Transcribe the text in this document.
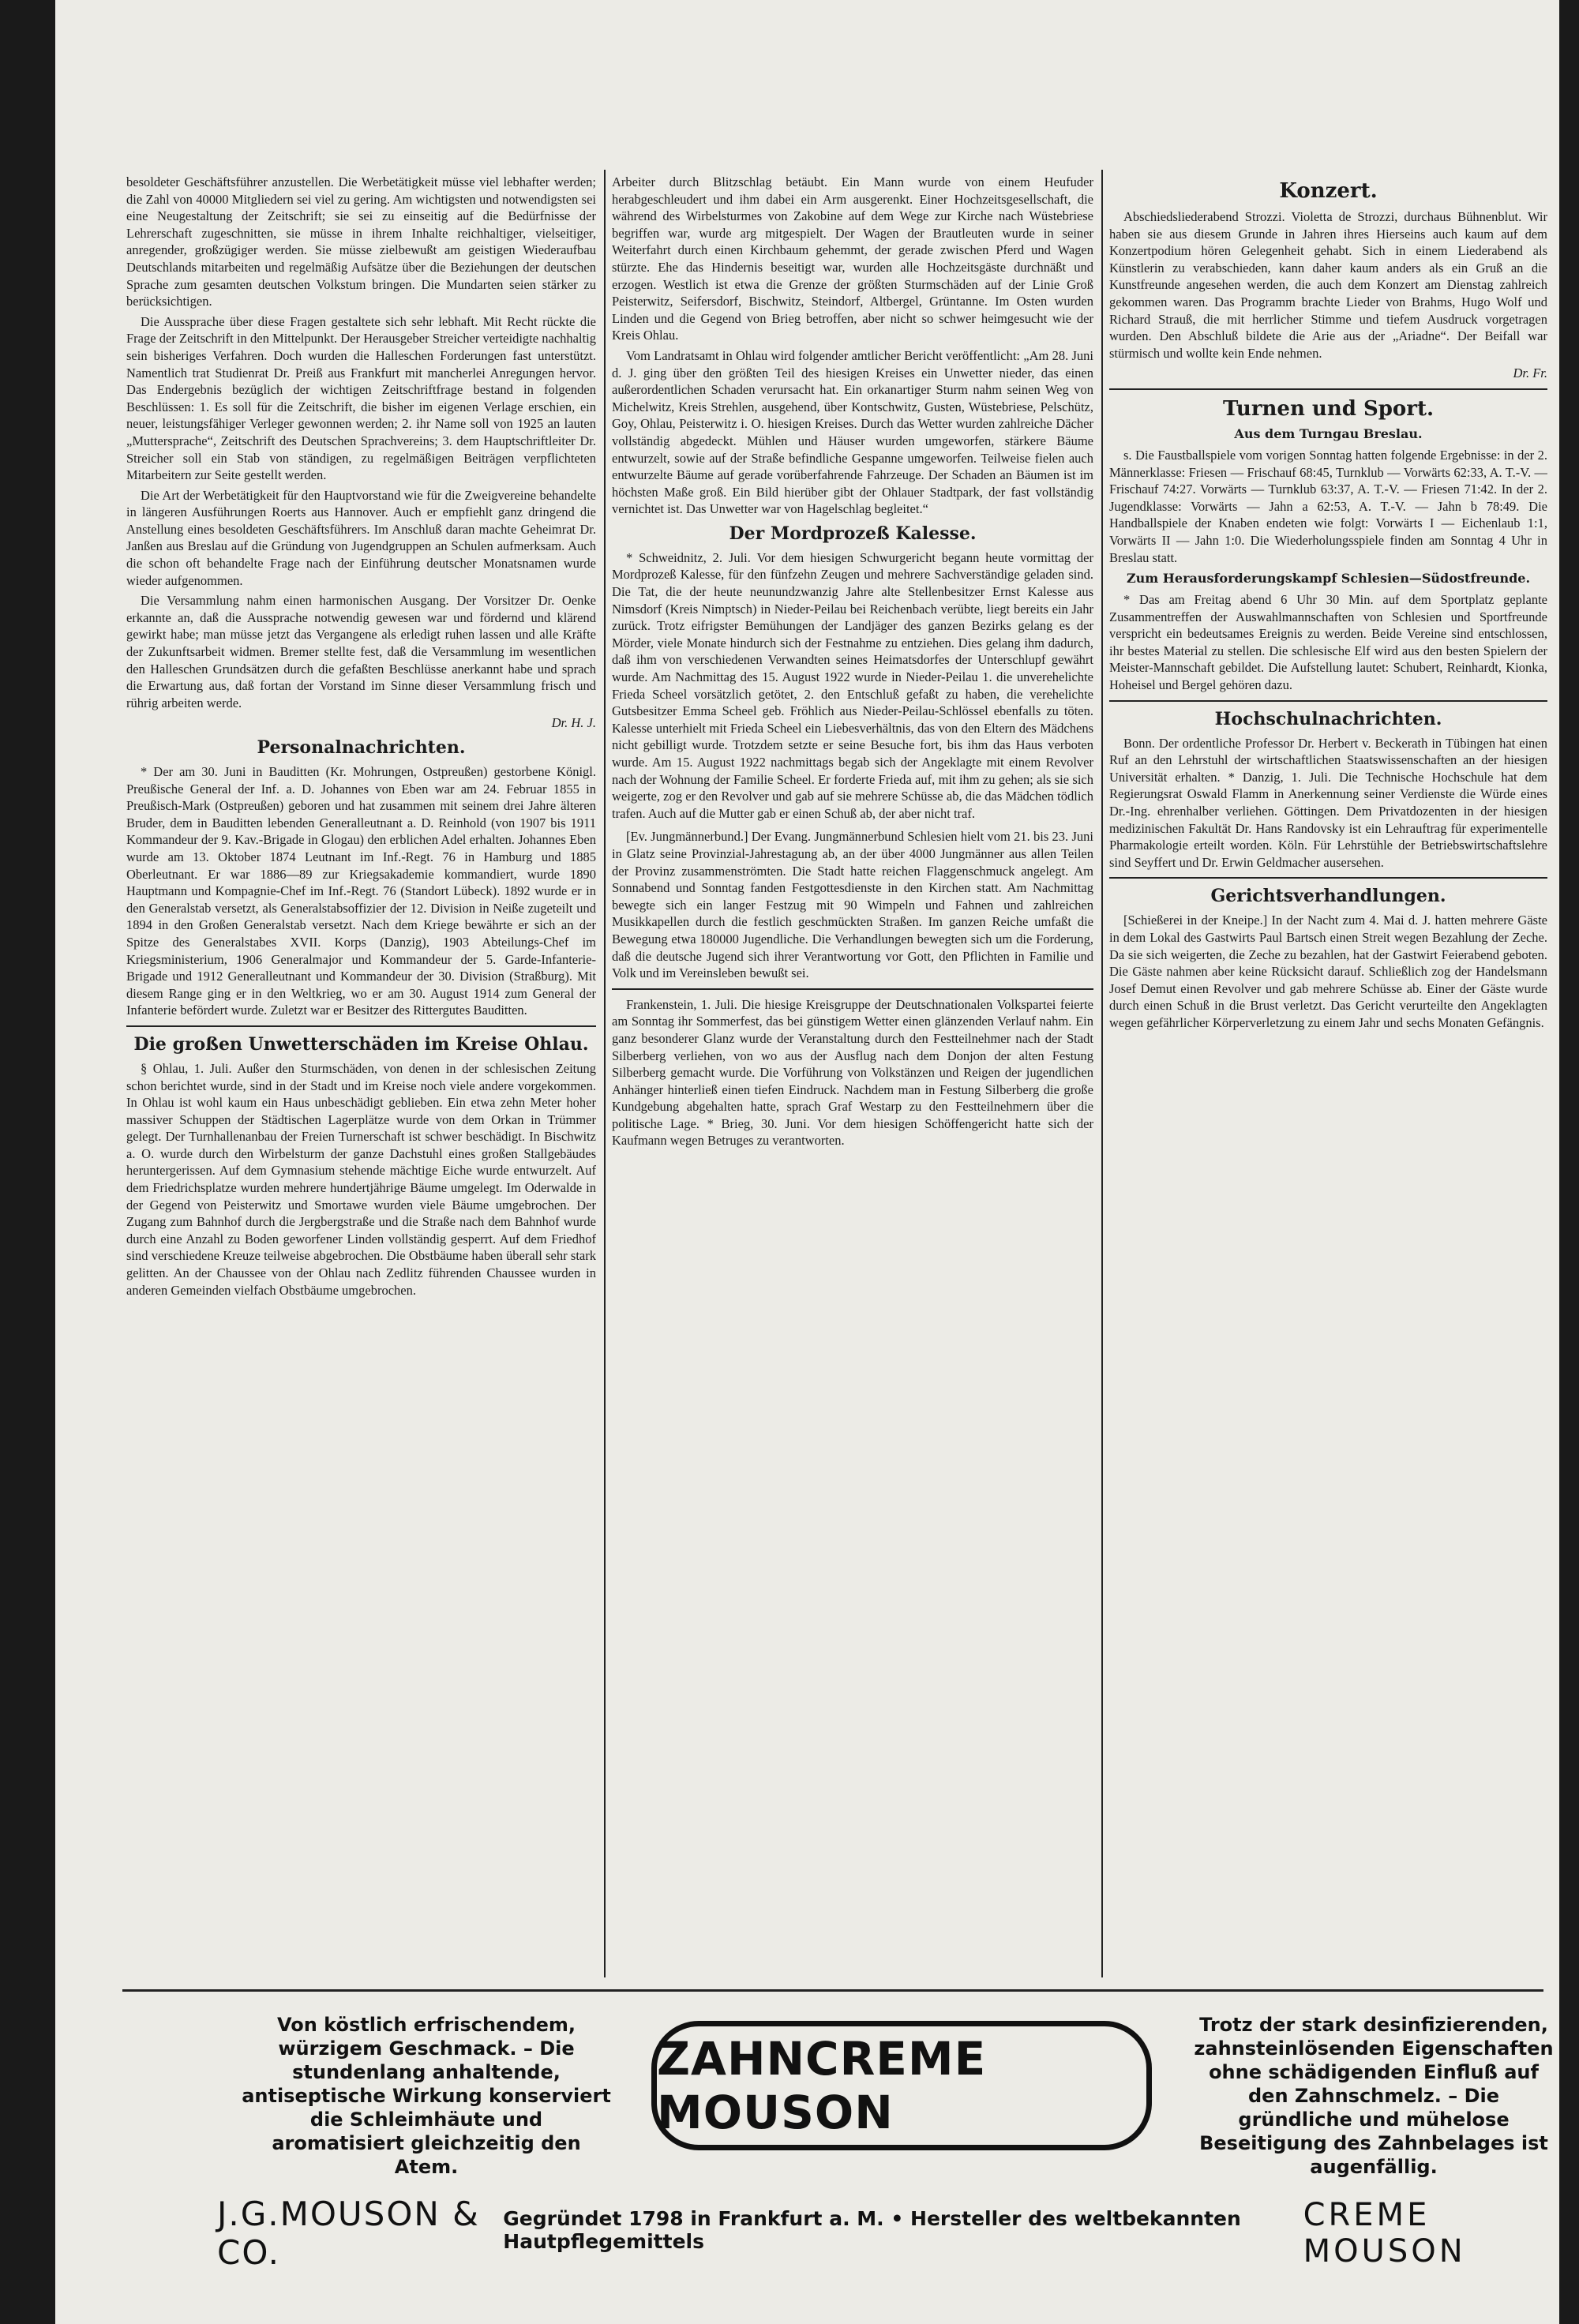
besoldeter Geschäftsführer anzustellen. Die Werbetätigkeit müsse viel lebhafter werden; die Zahl von 40000 Mitgliedern sei viel zu gering. Am wichtigsten und notwendigsten sei eine Neugestaltung der Zeitschrift; sie sei zu einseitig auf die Bedürfnisse der Lehrerschaft zugeschnitten, sie müsse in ihrem Inhalte reichhaltiger, vielseitiger, anregender, großzügiger werden. Sie müsse zielbewußt am geistigen Wiederaufbau Deutschlands mitarbeiten und regelmäßig Aufsätze über die Beziehungen der deutschen Sprache zum gesamten deutschen Volkstum bringen. Die Mundarten seien stärker zu berücksichtigen.

Die Aussprache über diese Fragen gestaltete sich sehr lebhaft. Mit Recht rückte die Frage der Zeitschrift in den Mittelpunkt. Der Herausgeber Streicher verteidigte nachhaltig sein bisheriges Verfahren. Doch wurden die Halleschen Forderungen fast unterstützt. Namentlich trat Studienrat Dr. Preiß aus Frankfurt mit mancherlei Anregungen hervor. Das Endergebnis bezüglich der wichtigen Zeitschriftfrage bestand in folgenden Beschlüssen: 1. Es soll für die Zeitschrift, die bisher im eigenen Verlage erschien, ein neuer, leistungsfähiger Verleger gewonnen werden; 2. ihr Name soll von 1925 an lauten „Muttersprache“, Zeitschrift des Deutschen Sprachvereins; 3. dem Hauptschriftleiter Dr. Streicher soll ein Stab von ständigen, zu regelmäßigen Beiträgen verpflichteten Mitarbeitern zur Seite gestellt werden.

Die Art der Werbetätigkeit für den Hauptvorstand wie für die Zweigvereine behandelte in längeren Ausführungen Roerts aus Hannover. Auch er empfiehlt ganz dringend die Anstellung eines besoldeten Geschäftsführers. Im Anschluß daran machte Geheimrat Dr. Janßen aus Breslau auf die Gründung von Jugendgruppen an Schulen aufmerksam. Auch die schon oft behandelte Frage nach der Einführung deutscher Monatsnamen wurde wieder aufgenommen.

Die Versammlung nahm einen harmonischen Ausgang. Der Vorsitzer Dr. Oenke erkannte an, daß die Aussprache notwendig gewesen war und fördernd und klärend gewirkt habe; man müsse jetzt das Vergangene als erledigt ruhen lassen und alle Kräfte der Zukunftsarbeit widmen. Bremer stellte fest, daß die Versammlung im wesentlichen den Halleschen Grundsätzen durch die gefaßten Beschlüsse anerkannt habe und sprach die Erwartung aus, daß fortan der Vorstand im Sinne dieser Versammlung frisch und rührig arbeiten werde.

Dr. H. J.

Personalnachrichten.

* Der am 30. Juni in Bauditten (Kr. Mohrungen, Ostpreußen) gestorbene Königl. Preußische General der Inf. a. D. Johannes von Eben war am 24. Februar 1855 in Preußisch-Mark (Ostpreußen) geboren und hat zusammen mit seinem drei Jahre älteren Bruder, dem in Bauditten lebenden Generalleutnant a. D. Reinhold (von 1907 bis 1911 Kommandeur der 9. Kav.-Brigade in Glogau) den erblichen Adel erhalten. Johannes Eben wurde am 13. Oktober 1874 Leutnant im Inf.-Regt. 76 in Hamburg und 1885 Oberleutnant. Er war 1886—89 zur Kriegsakademie kommandiert, wurde 1890 Hauptmann und Kompagnie-Chef im Inf.-Regt. 76 (Standort Lübeck). 1892 wurde er in den Generalstab versetzt, als Generalstabsoffizier der 12. Division in Neiße zugeteilt und 1894 in den Großen Generalstab versetzt. Nach dem Kriege bewährte er sich an der Spitze des Generalstabes XVII. Korps (Danzig), 1903 Abteilungs-Chef im Kriegsministerium, 1906 Generalmajor und Kommandeur der 5. Garde-Infanterie-Brigade und 1912 Generalleutnant und Kommandeur der 30. Division (Straßburg). Mit diesem Range ging er in den Weltkrieg, wo er am 30. August 1914 zum General der Infanterie befördert wurde. Zuletzt war er Besitzer des Rittergutes Bauditten.

Die großen Unwetterschäden im Kreise Ohlau.

§ Ohlau, 1. Juli. Außer den Sturmschäden, von denen in der schlesischen Zeitung schon berichtet wurde, sind in der Stadt und im Kreise noch viele andere vorgekommen. In Ohlau ist wohl kaum ein Haus unbeschädigt geblieben. Ein etwa zehn Meter hoher massiver Schuppen der Städtischen Lagerplätze wurde von dem Orkan in Trümmer gelegt. Der Turnhallenanbau der Freien Turnerschaft ist schwer beschädigt. In Bischwitz a. O. wurde durch den Wirbelsturm der ganze Dachstuhl eines großen Stallgebäudes heruntergerissen. Auf dem Gymnasium stehende mächtige Eiche wurde entwurzelt. Auf dem Friedrichsplatze wurden mehrere hundertjährige Bäume umgelegt. Im Oderwalde in der Gegend von Peisterwitz und Smortawe wurden viele Bäume umgebrochen. Der Zugang zum Bahnhof durch die Jergbergstraße und die Straße nach dem Bahnhof wurde durch eine Anzahl zu Boden geworfener Linden vollständig gesperrt. Auf dem Friedhof sind verschiedene Kreuze teilweise abgebrochen. Die Obstbäume haben überall sehr stark gelitten. An der Chaussee von der Ohlau nach Zedlitz führenden Chaussee wurden in anderen Gemeinden vielfach Obstbäume umgebrochen.

Arbeiter durch Blitzschlag betäubt. Ein Mann wurde von einem Heufuder herabgeschleudert und ihm dabei ein Arm ausgerenkt. Einer Hochzeitsgesellschaft, die während des Wirbelsturmes von Zakobine auf dem Wege zur Kirche nach Wüstebriese begriffen war, wurde arg mitgespielt. Der Wagen der Brautleuten wurde in seiner Weiterfahrt durch einen Kirchbaum gehemmt, der gerade zwischen Pferd und Wagen stürzte. Ehe das Hindernis beseitigt war, wurden alle Hochzeitsgäste durchnäßt und erzogen. Westlich ist etwa die Grenze der größten Sturmschäden auf der Linie Groß Peisterwitz, Seifersdorf, Bischwitz, Steindorf, Altbergel, Grüntanne. Im Osten wurden Linden und die Gegend von Brieg betroffen, aber nicht so schwer heimgesucht wie der Kreis Ohlau.

Vom Landratsamt in Ohlau wird folgender amtlicher Bericht veröffentlicht: „Am 28. Juni d. J. ging über den größten Teil des hiesigen Kreises ein Unwetter nieder, das einen außerordentlichen Schaden verursacht hat. Ein orkanartiger Sturm nahm seinen Weg von Michelwitz, Kreis Strehlen, ausgehend, über Kontschwitz, Gusten, Wüstebriese, Pelschütz, Goy, Ohlau, Peisterwitz i. O. hiesigen Kreises. Durch das Wetter wurden zahlreiche Dächer vollständig abgedeckt. Mühlen und Häuser wurden umgeworfen, stärkere Bäume entwurzelt, sowie auf der Straße befindliche Gespanne umgeworfen. Teilweise fielen auch entwurzelte Bäume auf gerade vorüberfahrende Fahrzeuge. Der Schaden an Bäumen ist im höchsten Maße groß. Ein Bild hierüber gibt der Ohlauer Stadtpark, der fast vollständig vernichtet ist. Das Unwetter war von Hagelschlag begleitet.“

Der Mordprozeß Kalesse.

* Schweidnitz, 2. Juli. Vor dem hiesigen Schwurgericht begann heute vormittag der Mordprozeß Kalesse, für den fünfzehn Zeugen und mehrere Sachverständige geladen sind. Die Tat, die der heute neunundzwanzig Jahre alte Stellenbesitzer Ernst Kalesse aus Nimsdorf (Kreis Nimptsch) in Nieder-Peilau bei Reichenbach verübte, liegt bereits ein Jahr zurück. Trotz eifrigster Bemühungen der Landjäger des ganzen Bezirks gelang es der Mörder, viele Monate hindurch sich der Festnahme zu entziehen. Dies gelang ihm dadurch, daß ihm von verschiedenen Verwandten seines Heimatsdorfes der Unterschlupf gewährt wurde. Am Nachmittag des 15. August 1922 wurde in Nieder-Peilau 1. die unverehelichte Frieda Scheel vorsätzlich getötet, 2. den Entschluß gefaßt zu haben, die verehelichte Gutsbesitzer Emma Scheel geb. Fröhlich aus Nieder-Peilau-Schlössel ebenfalls zu töten. Kalesse unterhielt mit Frieda Scheel ein Liebesverhältnis, das von den Eltern des Mädchens nicht gebilligt wurde. Trotzdem setzte er seine Besuche fort, bis ihm das Haus verboten wurde. Am 15. August 1922 nachmittags begab sich der Angeklagte mit einem Revolver nach der Wohnung der Familie Scheel. Er forderte Frieda auf, mit ihm zu gehen; als sie sich weigerte, zog er den Revolver und gab auf sie mehrere Schüsse ab, die das Mädchen tödlich trafen. Auch auf die Mutter gab er einen Schuß ab, der aber nicht traf.

[Ev. Jungmännerbund.] Der Evang. Jungmännerbund Schlesien hielt vom 21. bis 23. Juni in Glatz seine Provinzial-Jahrestagung ab, an der über 4000 Jungmänner aus allen Teilen der Provinz zusammenströmten. Die Stadt hatte reichen Flaggenschmuck angelegt. Am Sonnabend und Sonntag fanden Festgottesdienste in den Kirchen statt. Am Nachmittag bewegte sich ein langer Festzug mit 90 Wimpeln und Fahnen und zahlreichen Musikkapellen durch die festlich geschmückten Straßen. Im ganzen Reiche umfaßt die Bewegung etwa 180000 Jugendliche. Die Verhandlungen bewegten sich um die Forderung, daß die deutsche Jugend sich ihrer Verantwortung vor Gott, den Pflichten in Familie und Volk und im Vereinsleben bewußt sei.

Frankenstein, 1. Juli. Die hiesige Kreisgruppe der Deutschnationalen Volkspartei feierte am Sonntag ihr Sommerfest, das bei günstigem Wetter einen glänzenden Verlauf nahm. Ein ganz besonderer Glanz wurde der Veranstaltung durch den Festteilnehmer nach der Stadt Silberberg verliehen, von wo aus der Ausflug nach dem Donjon der alten Festung Silberberg gemacht wurde. Die Vorführung von Volkstänzen und Reigen der jugendlichen Anhänger hinterließ einen tiefen Eindruck. Nachdem man in Festung Silberberg die große Kundgebung abgehalten hatte, sprach Graf Westarp zu den Festteilnehmern über die politische Lage. * Brieg, 30. Juni. Vor dem hiesigen Schöffengericht hatte sich der Kaufmann wegen Betruges zu verantworten.

Konzert.

Abschiedsliederabend Strozzi. Violetta de Strozzi, durchaus Bühnenblut. Wir haben sie aus diesem Grunde in Jahren ihres Hierseins auch kaum auf dem Konzertpodium hören Gelegenheit gehabt. Sich in einem Liederabend als Künstlerin zu verabschieden, kann daher kaum anders als ein Gruß an die Kunstfreunde angesehen werden, die auch dem Konzert am Dienstag zahlreich gekommen waren. Das Programm brachte Lieder von Brahms, Hugo Wolf und Richard Strauß, die mit herrlicher Stimme und tiefem Ausdruck vorgetragen wurden. Den Abschluß bildete die Arie aus der „Ariadne“. Der Beifall war stürmisch und wollte kein Ende nehmen.

Dr. Fr.

Turnen und Sport.
Aus dem Turngau Breslau.

s. Die Faustballspiele vom vorigen Sonntag hatten folgende Ergebnisse: in der 2. Männerklasse: Friesen — Frischauf 68:45, Turnklub — Vorwärts 62:33, A. T.-V. — Frischauf 74:27. Vorwärts — Turnklub 63:37, A. T.-V. — Friesen 71:42. In der 2. Jugendklasse: Vorwärts — Jahn a 62:53, A. T.-V. — Jahn b 78:49. Die Handballspiele der Knaben endeten wie folgt: Vorwärts I — Eichenlaub 1:1, Vorwärts II — Jahn 1:0. Die Wiederholungsspiele finden am Sonntag 4 Uhr in Breslau statt.

Zum Herausforderungskampf Schlesien—Südostfreunde.

* Das am Freitag abend 6 Uhr 30 Min. auf dem Sportplatz geplante Zusammentreffen der Auswahlmannschaften von Schlesien und Sportfreunde verspricht ein bedeutsames Ereignis zu werden. Beide Vereine sind entschlossen, ihr bestes Material zu stellen. Die schlesische Elf wird aus den besten Spielern der Meister-Mannschaft gebildet. Die Aufstellung lautet: Schubert, Reinhardt, Kionka, Hoheisel und Bergel gehören dazu.

Hochschulnachrichten.

Bonn. Der ordentliche Professor Dr. Herbert v. Beckerath in Tübingen hat einen Ruf an den Lehrstuhl der wirtschaftlichen Staatswissenschaften an der hiesigen Universität erhalten. * Danzig, 1. Juli. Die Technische Hochschule hat dem Regierungsrat Oswald Flamm in Anerkennung seiner Verdienste die Würde eines Dr.-Ing. ehrenhalber verliehen. Göttingen. Dem Privatdozenten in der hiesigen medizinischen Fakultät Dr. Hans Randovsky ist ein Lehrauftrag für experimentelle Pharmakologie erteilt worden. Köln. Für Lehrstühle der Betriebswirtschaftslehre sind Seyffert und Dr. Erwin Geldmacher ausersehen.

Gerichtsverhandlungen.

[Schießerei in der Kneipe.] In der Nacht zum 4. Mai d. J. hatten mehrere Gäste in dem Lokal des Gastwirts Paul Bartsch einen Streit wegen Bezahlung der Zeche. Da sie sich weigerten, die Zeche zu bezahlen, hat der Gastwirt Feierabend geboten. Die Gäste nahmen aber keine Rücksicht darauf. Schließlich zog der Handelsmann Josef Demut einen Revolver und gab mehrere Schüsse ab. Einer der Gäste wurde durch einen Schuß in die Brust verletzt. Das Gericht verurteilte den Angeklagten wegen gefährlicher Körperverletzung zu einem Jahr und sechs Monaten Gefängnis.

Von köstlich erfrischendem, würzigem Geschmack. – Die stundenlang anhaltende, antiseptische Wirkung konserviert die Schleimhäute und aromatisiert gleichzeitig den Atem.
ZAHNCREME MOUSON
Trotz der stark desinfizierenden, zahnsteinlösenden Eigenschaften ohne schädigenden Einfluß auf den Zahnschmelz. – Die gründliche und mühelose Beseitigung des Zahnbelages ist augenfällig.
J.G.MOUSON & CO.
Gegründet 1798 in Frankfurt a. M. • Hersteller des weltbekannten Hautpflegemittels
CREME MOUSON
